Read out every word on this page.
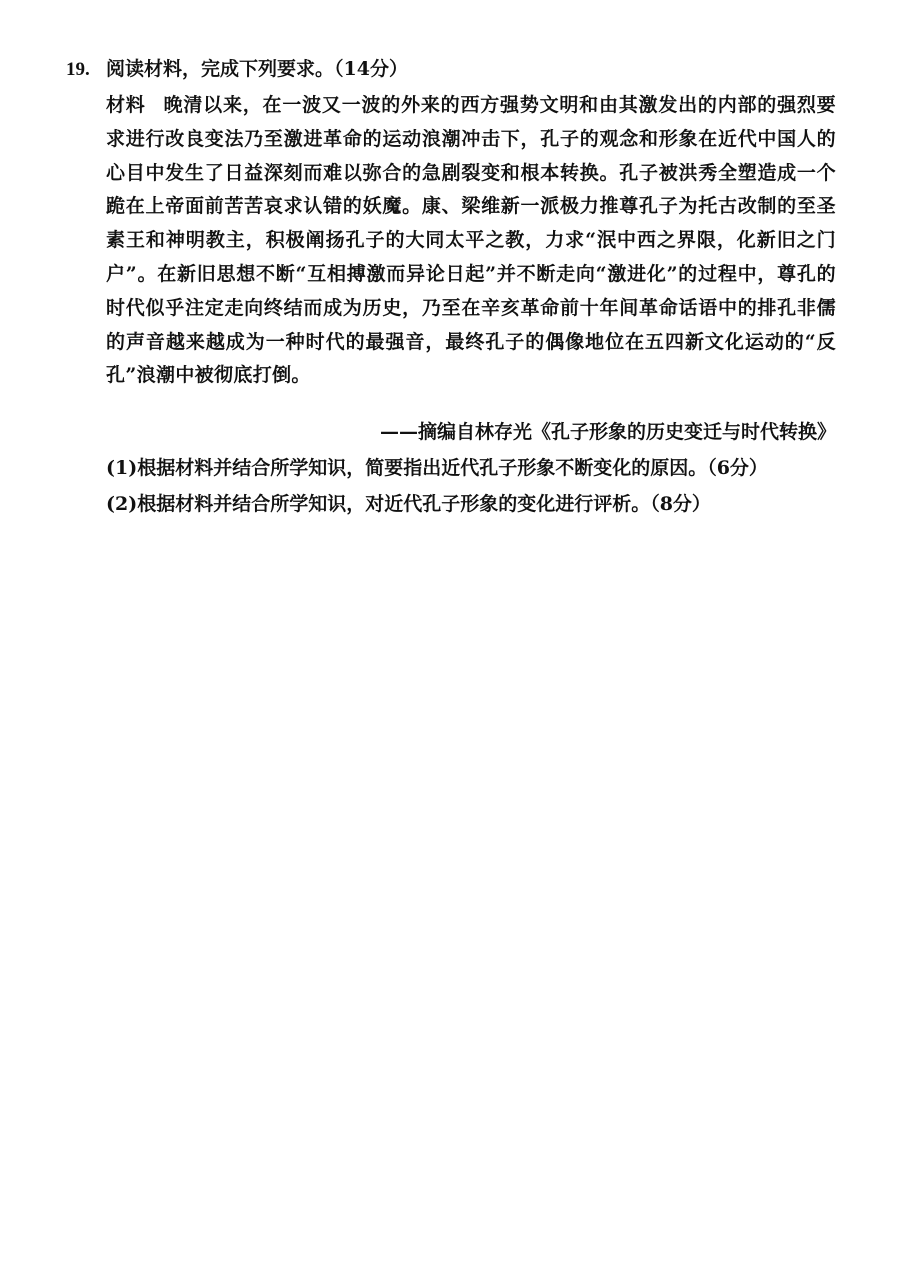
19. 阅读材料，完成下列要求。（14分）
材料 晚清以来，在一波又一波的外来的西方强势文明和由其激发出的内部的强烈要求进行改良变法乃至激进革命的运动浪潮冲击下，孔子的观念和形象在近代中国人的心目中发生了日益深刻而难以弥合的急剧裂变和根本转换。孔子被洪秀全塑造成一个跪在上帝面前苦苦哀求认错的妖魔。康、梁维新一派极力推尊孔子为托古改制的至圣素王和神明教主，积极阐扬孔子的大同太平之教，力求“泯中西之界限，化新旧之门户”。在新旧思想不断“互相搏激而异论日起”并不断走向“激进化”的过程中，尊孔的时代似乎注定走向终结而成为历史，乃至在辛亥革命前十年间革命话语中的排孔非儒的声音越来越成为一种时代的最强音，最终孔子的偶像地位在五四新文化运动的“反孔”浪潮中被彻底打倒。
——摘编自林存光《孔子形象的历史变迁与时代转换》
(1)根据材料并结合所学知识，简要指出近代孔子形象不断变化的原因。（6分）
(2)根据材料并结合所学知识，对近代孔子形象的变化进行评析。（8分）
